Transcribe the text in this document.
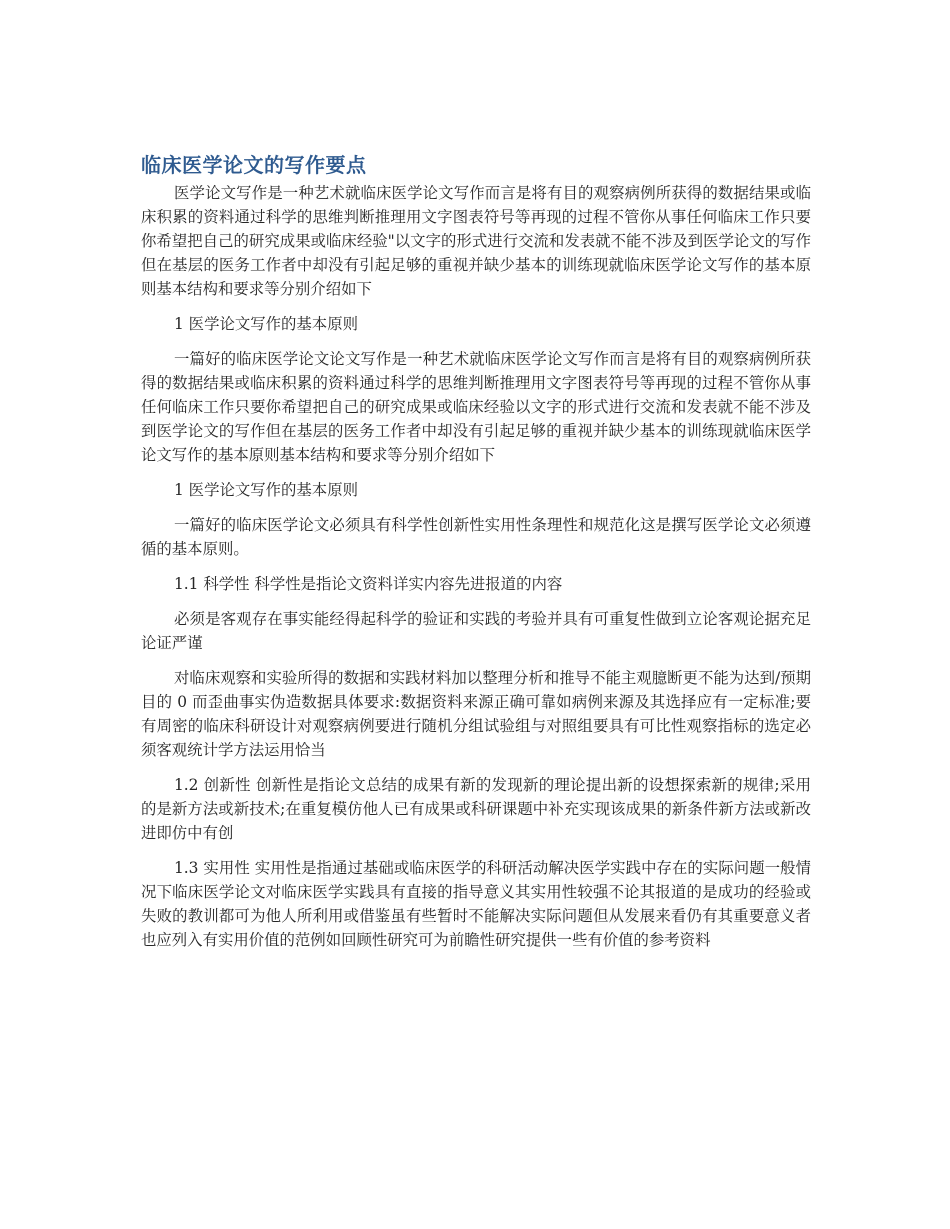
临床医学论文的写作要点

医学论文写作是一种艺术就临床医学论文写作而言是将有目的观察病例所获得的数据结果或临床积累的资料通过科学的思维判断推理用文字图表符号等再现的过程不管你从事任何临床工作只要你希望把自己的研究成果或临床经验"以文字的形式进行交流和发表就不能不涉及到医学论文的写作但在基层的医务工作者中却没有引起足够的重视并缺少基本的训练现就临床医学论文写作的基本原则基本结构和要求等分别介绍如下

1 医学论文写作的基本原则

一篇好的临床医学论文论文写作是一种艺术就临床医学论文写作而言是将有目的观察病例所获得的数据结果或临床积累的资料通过科学的思维判断推理用文字图表符号等再现的过程不管你从事任何临床工作只要你希望把自己的研究成果或临床经验以文字的形式进行交流和发表就不能不涉及到医学论文的写作但在基层的医务工作者中却没有引起足够的重视并缺少基本的训练现就临床医学论文写作的基本原则基本结构和要求等分别介绍如下

1 医学论文写作的基本原则

一篇好的临床医学论文必须具有科学性创新性实用性条理性和规范化这是撰写医学论文必须遵循的基本原则。

1.1 科学性 科学性是指论文资料详实内容先进报道的内容

必须是客观存在事实能经得起科学的验证和实践的考验并具有可重复性做到立论客观论据充足论证严谨

对临床观察和实验所得的数据和实践材料加以整理分析和推导不能主观臆断更不能为达到/预期目的 0 而歪曲事实伪造数据具体要求:数据资料来源正确可靠如病例来源及其选择应有一定标准;要有周密的临床科研设计对观察病例要进行随机分组试验组与对照组要具有可比性观察指标的选定必须客观统计学方法运用恰当

1.2 创新性 创新性是指论文总结的成果有新的发现新的理论提出新的设想探索新的规律;采用的是新方法或新技术;在重复模仿他人已有成果或科研课题中补充实现该成果的新条件新方法或新改进即仿中有创

1.3 实用性 实用性是指通过基础或临床医学的科研活动解决医学实践中存在的实际问题一般情况下临床医学论文对临床医学实践具有直接的指导意义其实用性较强不论其报道的是成功的经验或失败的教训都可为他人所利用或借鉴虽有些暂时不能解决实际问题但从发展来看仍有其重要意义者也应列入有实用价值的范例如回顾性研究可为前瞻性研究提供一些有价值的参考资料
